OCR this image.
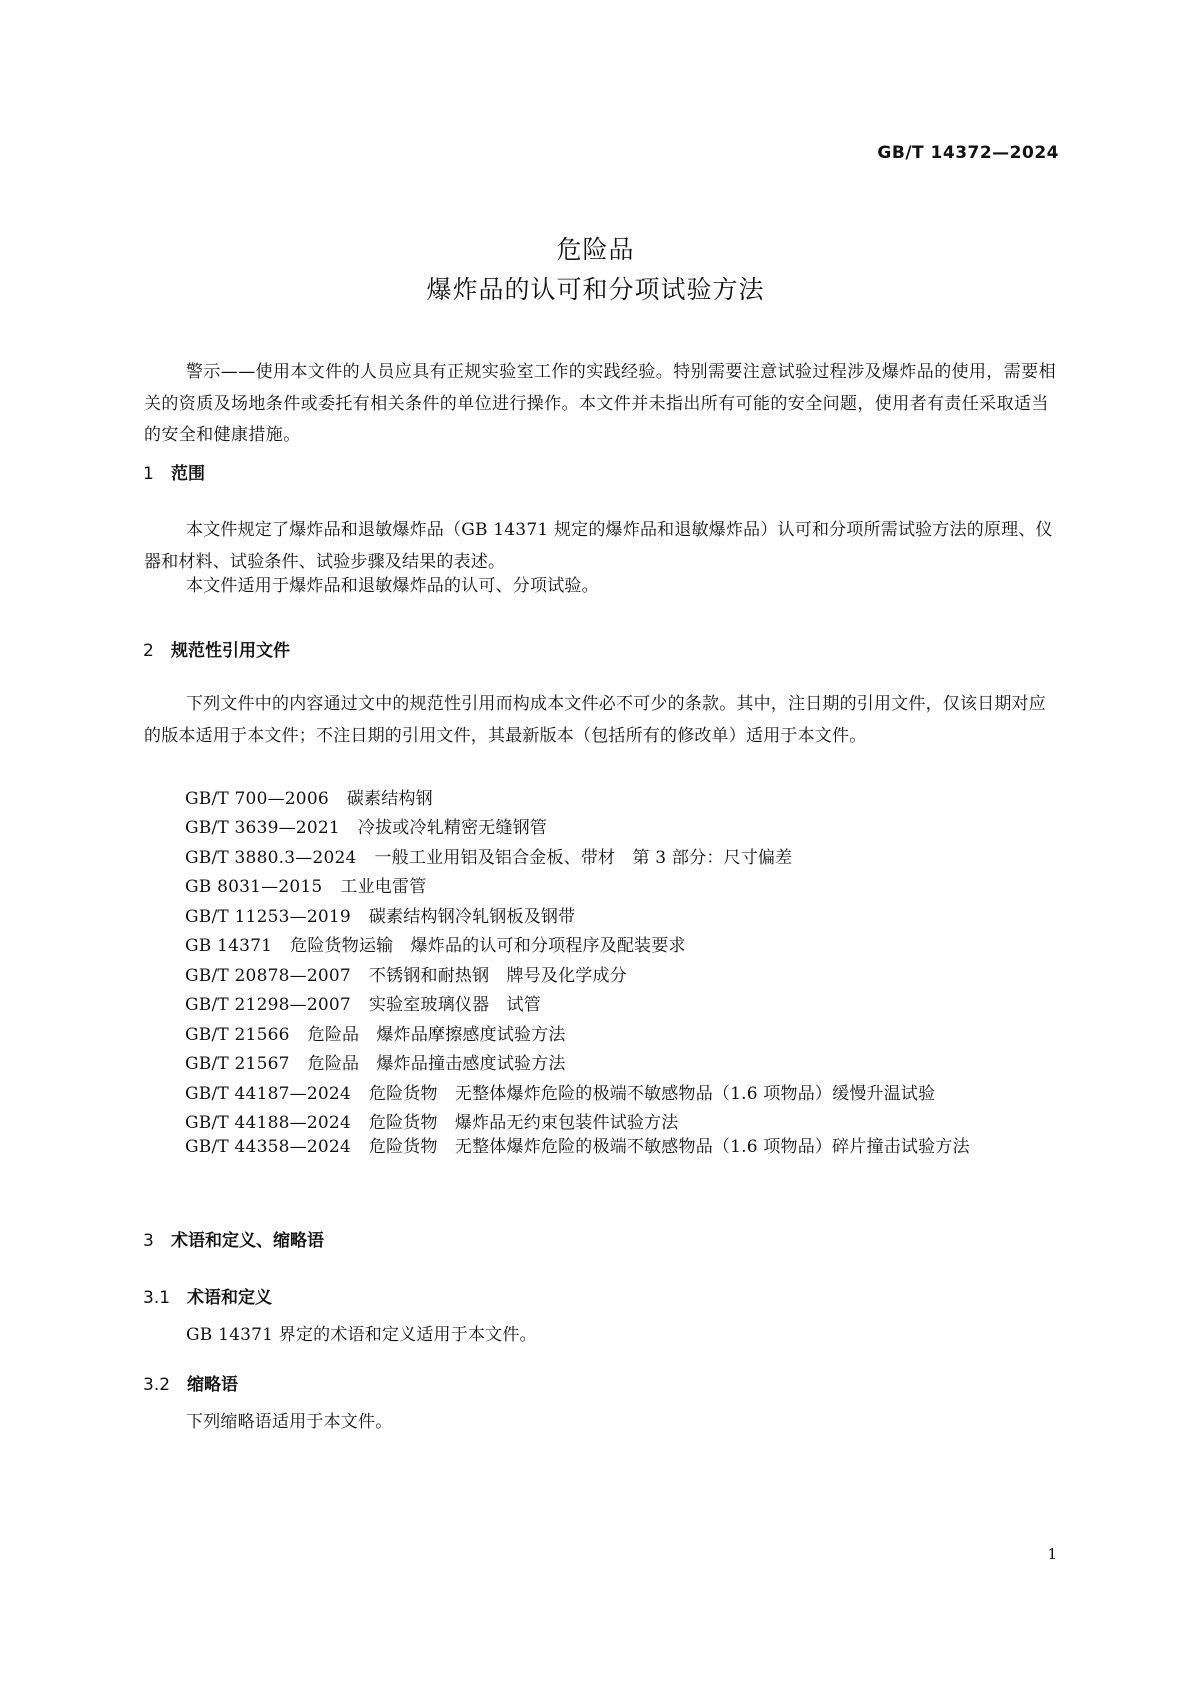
GB/T 14372—2024
危险品
爆炸品的认可和分项试验方法
警示——使用本文件的人员应具有正规实验室工作的实践经验。特别需要注意试验过程涉及爆炸品的使用，需要相关的资质及场地条件或委托有相关条件的单位进行操作。本文件并未指出所有可能的安全问题，使用者有责任采取适当的安全和健康措施。
1 范围
本文件规定了爆炸品和退敏爆炸品（GB 14371 规定的爆炸品和退敏爆炸品）认可和分项所需试验方法的原理、仪器和材料、试验条件、试验步骤及结果的表述。
本文件适用于爆炸品和退敏爆炸品的认可、分项试验。
2 规范性引用文件
下列文件中的内容通过文中的规范性引用而构成本文件必不可少的条款。其中，注日期的引用文件，仅该日期对应的版本适用于本文件；不注日期的引用文件，其最新版本（包括所有的修改单）适用于本文件。
GB/T 700—2006 碳素结构钢
GB/T 3639—2021 冷拔或冷轧精密无缝钢管
GB/T 3880.3—2024 一般工业用铝及铝合金板、带材　第 3 部分：尺寸偏差
GB 8031—2015 工业电雷管
GB/T 11253—2019 碳素结构钢冷轧钢板及钢带
GB 14371 危险货物运输　爆炸品的认可和分项程序及配装要求
GB/T 20878—2007 不锈钢和耐热钢　牌号及化学成分
GB/T 21298—2007 实验室玻璃仪器　试管
GB/T 21566 危险品　爆炸品摩擦感度试验方法
GB/T 21567 危险品　爆炸品撞击感度试验方法
GB/T 44187—2024 危险货物　无整体爆炸危险的极端不敏感物品（1.6 项物品）缓慢升温试验
GB/T 44188—2024 危险货物　爆炸品无约束包装件试验方法
GB/T 44358—2024 危险货物　无整体爆炸危险的极端不敏感物品（1.6 项物品）碎片撞击试验方法
3 术语和定义、缩略语
3.1 术语和定义
GB 14371 界定的术语和定义适用于本文件。
3.2 缩略语
下列缩略语适用于本文件。
1
